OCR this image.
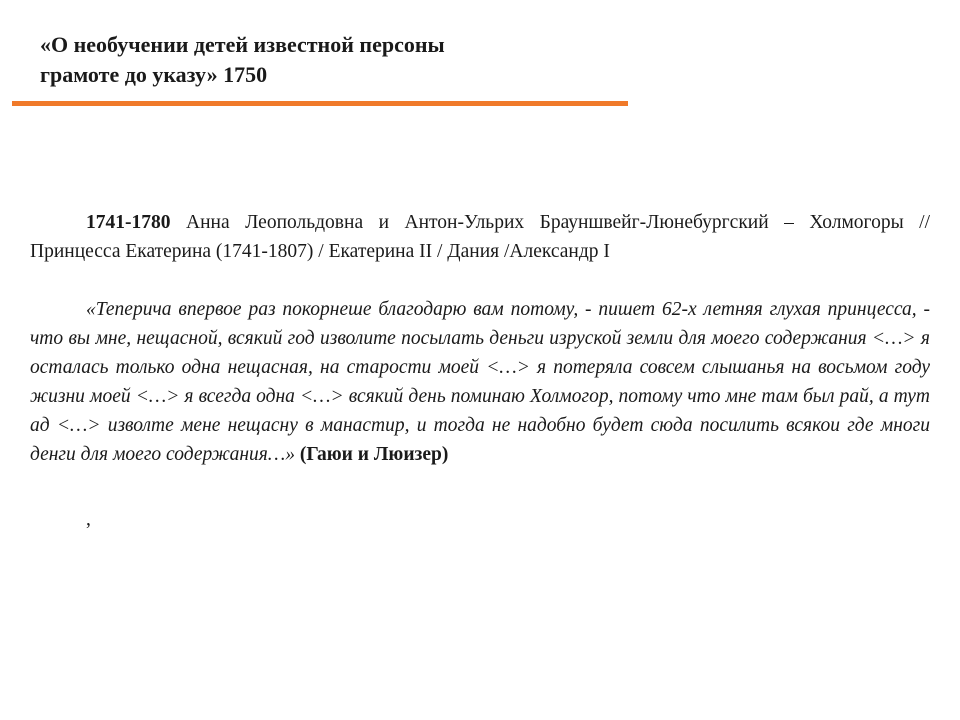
«О необучении детей известной персоны
грамоте до указу» 1750

1741-1780 Анна Леопольдовна и Антон-Ульрих Брауншвейг-Люнебургский – Холмогоры // Принцесса Екатерина (1741-1807) / Екатерина II / Дания /Александр I

«Теперича впервое раз покорнеше благодарю вам потому, - пишет 62-х летняя глухая принцесса, - что вы мне, нещасной, всякий год изволите посылать деньги изруской земли для моего содержания <…> я осталась только одна нещасная, на старости моей <…> я потеряла совсем слышанья на восьмом году жизни моей <…> я всегда одна <…> всякий день поминаю Холмогор, потому что мне там был рай, а тут ад <…> изволте мене нещасну в манастир, и тогда не надобно будет сюда посилить всякои где многи денги для моего содержания…» (Гаюи и Люизер)

,
